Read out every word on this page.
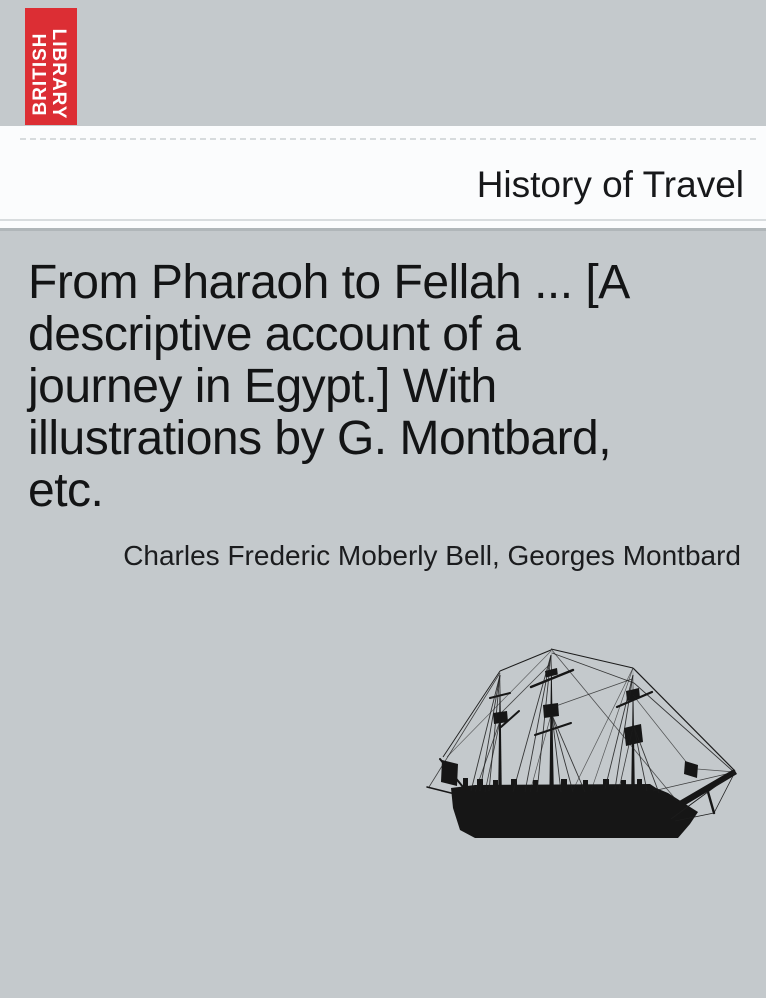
BRITISH
LIBRARY
History of Travel
From Pharaoh to Fellah ... [A
descriptive account of a
journey in Egypt.] With
illustrations by G. Montbard,
etc.
Charles Frederic Moberly Bell, Georges Montbard
